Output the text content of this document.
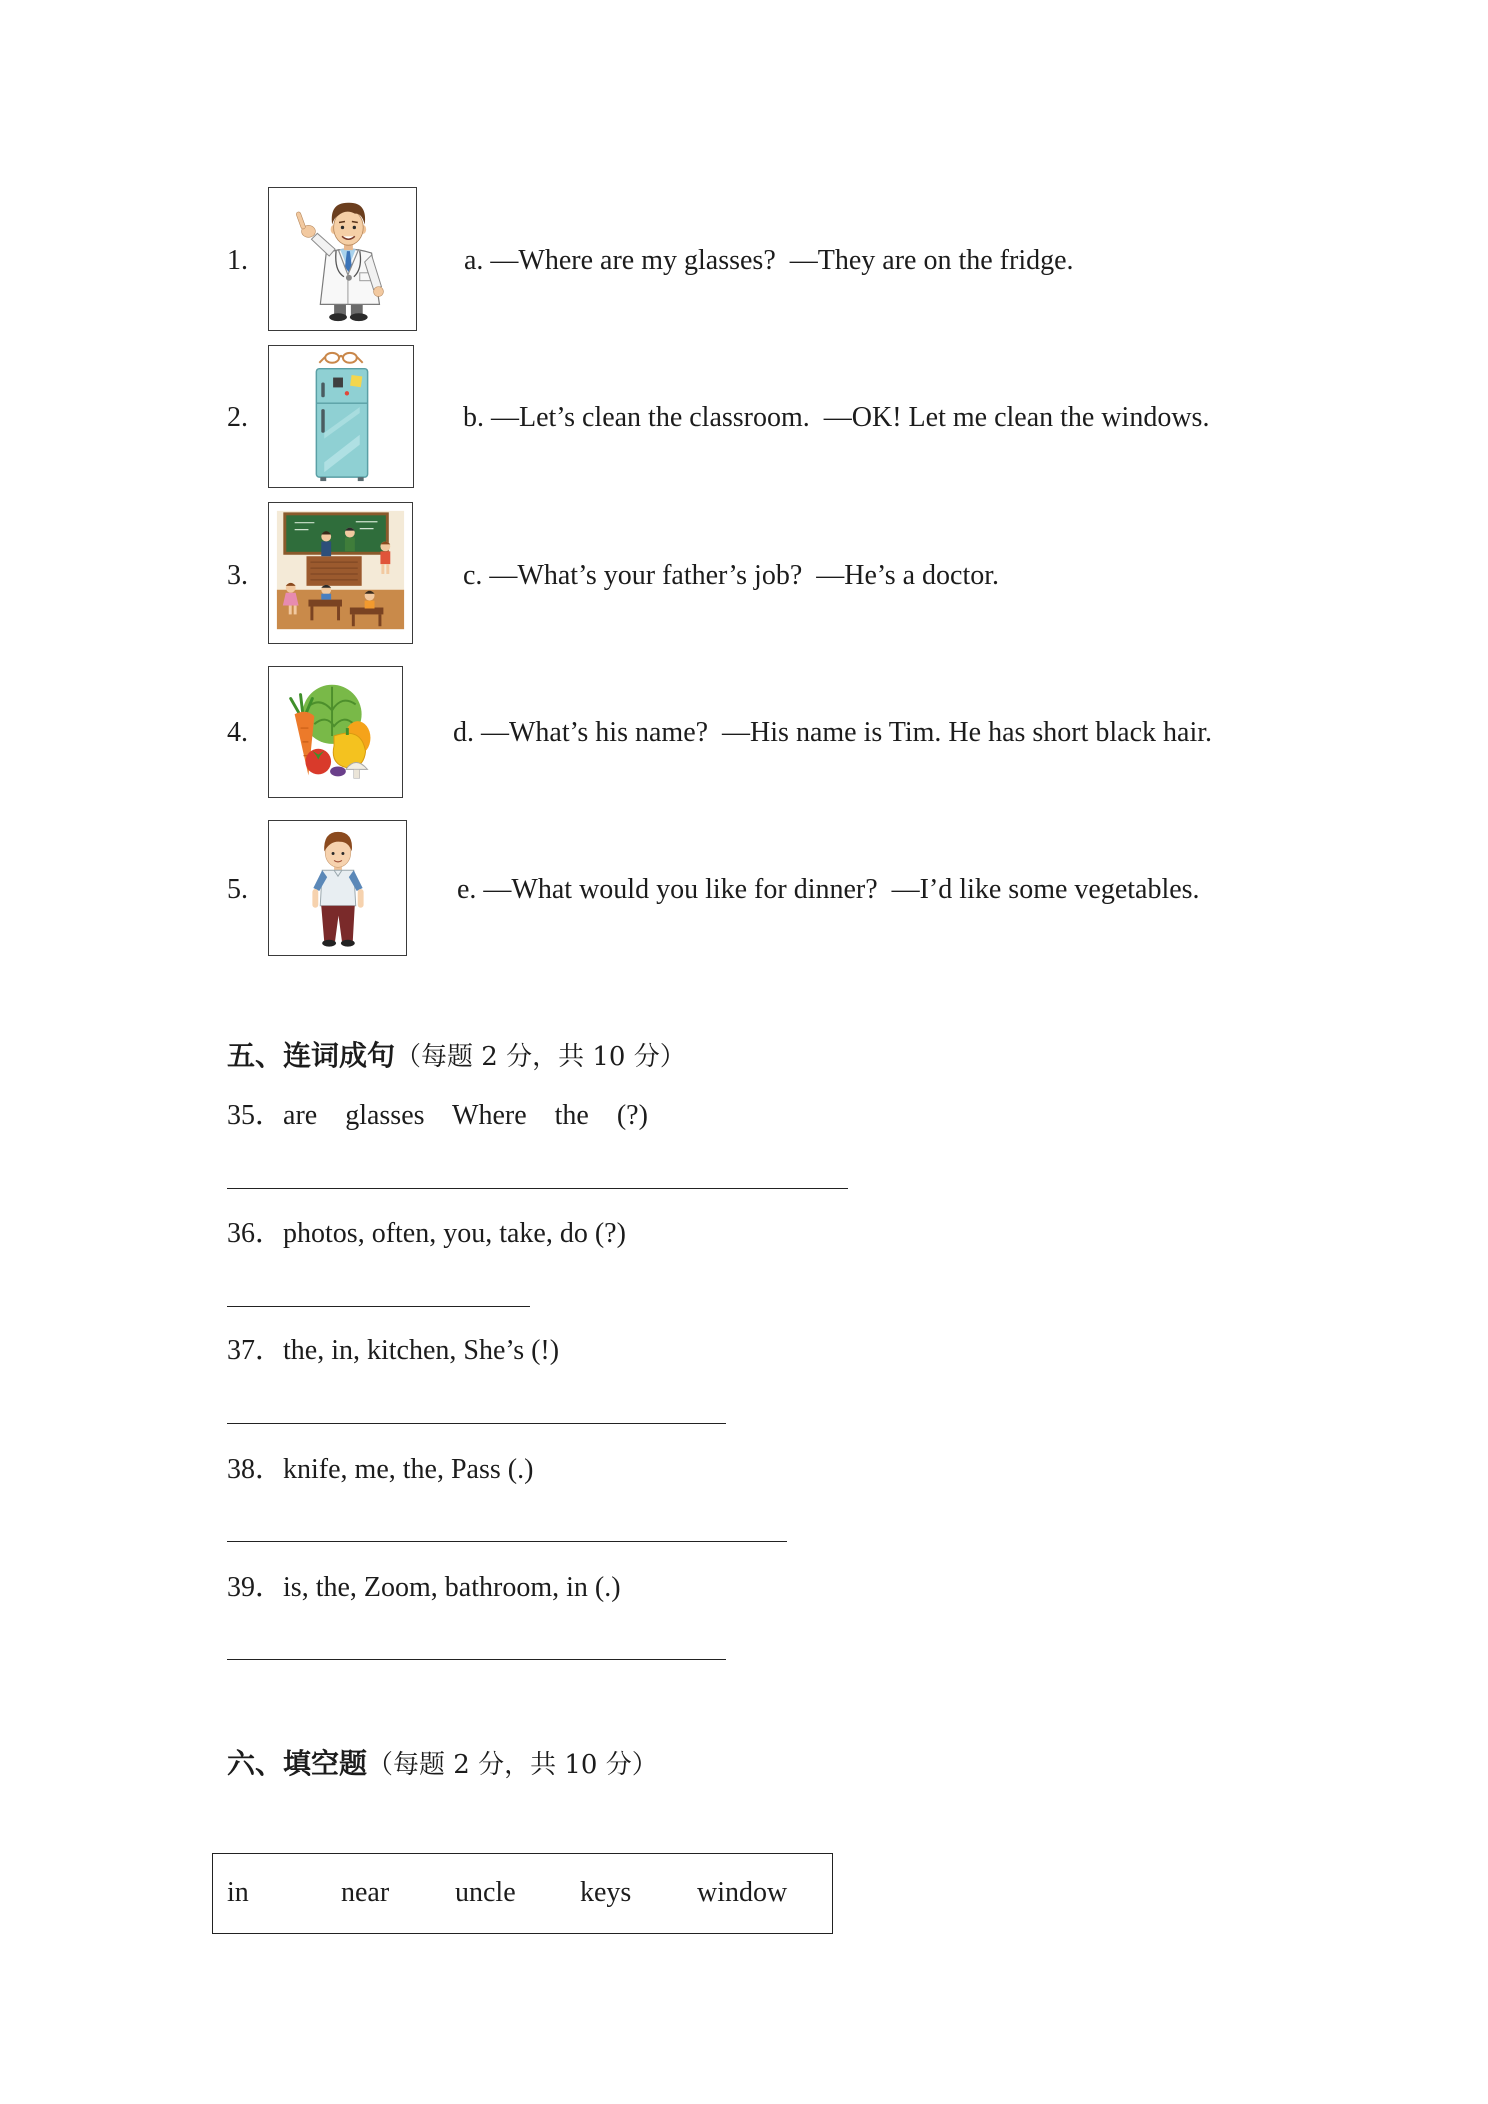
1.	a. —Where are my glasses?  —They are on the fridge.
2.	b. —Let’s clean the classroom.  —OK! Let me clean the windows.
3.	c. —What’s your father’s job?  —He’s a doctor.
4.	d. —What’s his name?  —His name is Tim. He has short black hair.
5.	e. —What would you like for dinner?  —I’d like some vegetables.
五、连词成句（每题 2 分，共 10 分）
35．are    glasses    Where    the    (?)
36．photos, often, you, take, do (?)
37．the, in, kitchen, She’s (!)
38．knife, me, the, Pass (.)
39．is, the, Zoom, bathroom, in (.)
六、填空题（每题 2 分，共 10 分）
in	near uncle keys window
